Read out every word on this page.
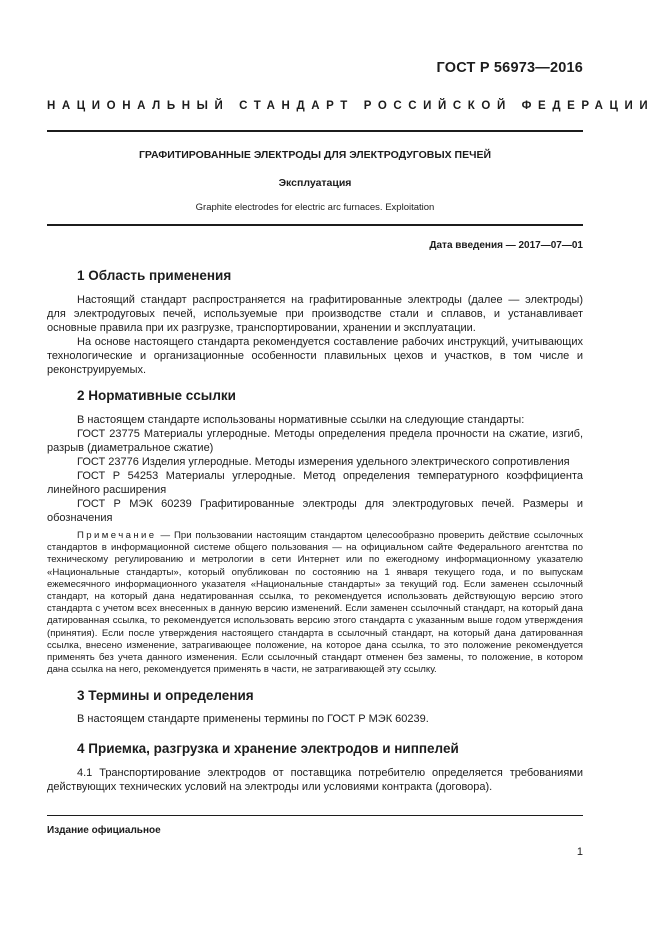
ГОСТ Р 56973—2016
НАЦИОНАЛЬНЫЙ СТАНДАРТ РОССИЙСКОЙ ФЕДЕРАЦИИ
ГРАФИТИРОВАННЫЕ ЭЛЕКТРОДЫ ДЛЯ ЭЛЕКТРОДУГОВЫХ ПЕЧЕЙ
Эксплуатация
Graphite electrodes for electric arc furnaces. Exploitation
Дата введения — 2017—07—01
1 Область применения
Настоящий стандарт распространяется на графитированные электроды (далее — электроды) для электродуговых печей, используемые при производстве стали и сплавов, и устанавливает основные правила при их разгрузке, транспортировании, хранении и эксплуатации.
На основе настоящего стандарта рекомендуется составление рабочих инструкций, учитывающих технологические и организационные особенности плавильных цехов и участков, в том числе и реконструируемых.
2 Нормативные ссылки
В настоящем стандарте использованы нормативные ссылки на следующие стандарты:
ГОСТ 23775 Материалы углеродные. Методы определения предела прочности на сжатие, изгиб, разрыв (диаметральное сжатие)
ГОСТ 23776 Изделия углеродные. Методы измерения удельного электрического сопротивления
ГОСТ Р 54253 Материалы углеродные. Метод определения температурного коэффициента линейного расширения
ГОСТ Р МЭК 60239 Графитированные электроды для электродуговых печей. Размеры и обозначения
Примечание — При пользовании настоящим стандартом целесообразно проверить действие ссылочных стандартов в информационной системе общего пользования — на официальном сайте Федерального агентства по техническому регулированию и метрологии в сети Интернет или по ежегодному информационному указателю «Национальные стандарты», который опубликован по состоянию на 1 января текущего года, и по выпускам ежемесячного информационного указателя «Национальные стандарты» за текущий год. Если заменен ссылочный стандарт, на который дана недатированная ссылка, то рекомендуется использовать действующую версию этого стандарта с учетом всех внесенных в данную версию изменений. Если заменен ссылочный стандарт, на который дана датированная ссылка, то рекомендуется использовать версию этого стандарта с указанным выше годом утверждения (принятия). Если после утверждения настоящего стандарта в ссылочный стандарт, на который дана датированная ссылка, внесено изменение, затрагивающее положение, на которое дана ссылка, то это положение рекомендуется применять без учета данного изменения. Если ссылочный стандарт отменен без замены, то положение, в котором дана ссылка на него, рекомендуется применять в части, не затрагивающей эту ссылку.
3 Термины и определения
В настоящем стандарте применены термины по ГОСТ Р МЭК 60239.
4 Приемка, разгрузка и хранение электродов и ниппелей
4.1 Транспортирование электродов от поставщика потребителю определяется требованиями действующих технических условий на электроды или условиями контракта (договора).
Издание официальное
1
